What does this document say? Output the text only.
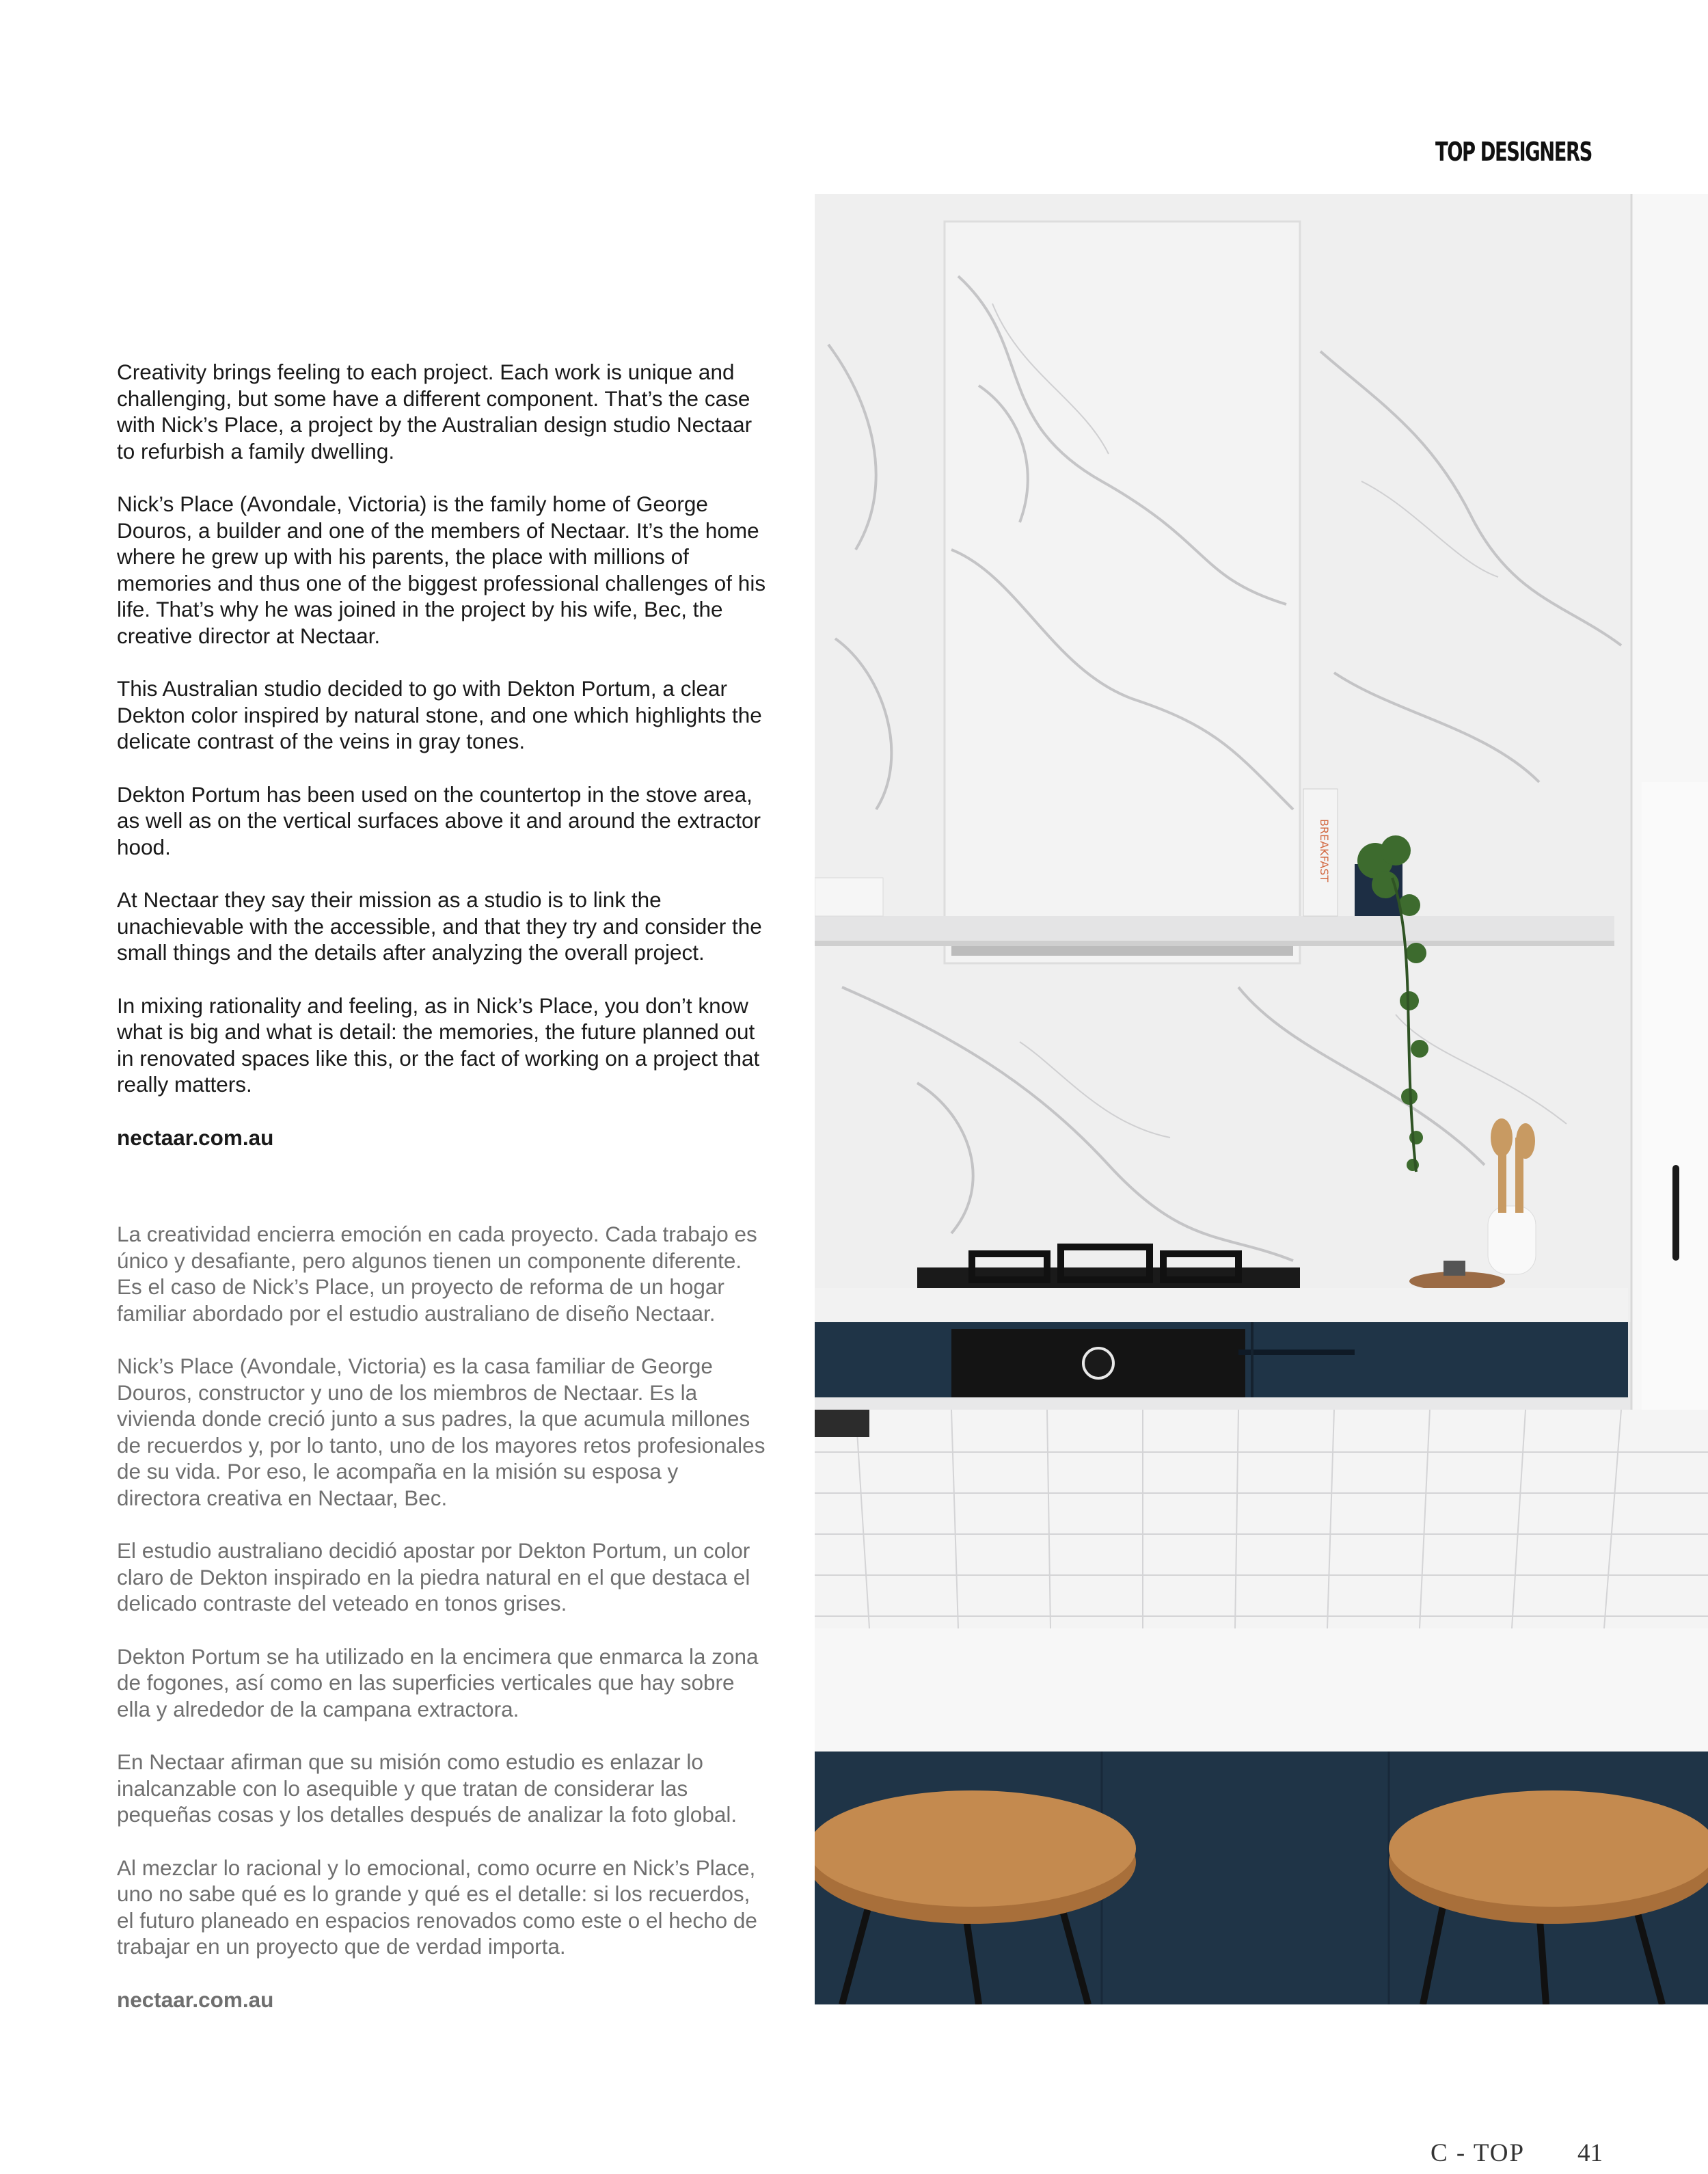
TOP DESIGNERS

Creativity brings feeling to each project. Each work is unique and challenging, but some have a different component. That’s the case with Nick’s Place, a project by the Australian design studio Nectaar to refurbish a family dwelling.

Nick’s Place (Avondale, Victoria) is the family home of George Douros, a builder and one of the members of Nectaar. It’s the home where he grew up with his parents, the place with millions of memories and thus one of the biggest professional challenges of his life. That’s why he was joined in the project by his wife, Bec, the creative director at Nectaar.

This Australian studio decided to go with Dekton Portum, a clear Dekton color inspired by natural stone, and one which highlights the delicate contrast of the veins in gray tones.

Dekton Portum has been used on the countertop in the stove area, as well as on the vertical surfaces above it and around the extractor hood.

At Nectaar they say their mission as a studio is to link the unachievable with the accessible, and that they try and consider the small things and the details after analyzing the overall project.

In mixing rationality and feeling, as in Nick’s Place, you don’t know what is big and what is detail: the memories, the future planned out in renovated spaces like this, or the fact of working on a project that really matters.

nectaar.com.au

La creatividad encierra emoción en cada proyecto. Cada trabajo es único y desafiante, pero algunos tienen un componente diferente. Es el caso de Nick’s Place, un proyecto de reforma de un hogar familiar abordado por el estudio australiano de diseño Nectaar.

Nick’s Place (Avondale, Victoria) es la casa familiar de George Douros, constructor y uno de los miembros de Nectaar. Es la vivienda donde creció junto a sus padres, la que acumula millones de recuerdos y, por lo tanto, uno de los mayores retos profesionales de su vida. Por eso, le acompaña en la misión su esposa y directora creativa en Nectaar, Bec.

El estudio australiano decidió apostar por Dekton Portum, un color claro de Dekton inspirado en la piedra natural en el que destaca el delicado contraste del veteado en tonos grises.

Dekton Portum se ha utilizado en la encimera que enmarca la zona de fogones, así como en las superficies verticales que hay sobre ella y alrededor de la campana extractora.

En Nectaar afirman que su misión como estudio es enlazar lo inalcanzable con lo asequible y que tratan de considerar las pequeñas cosas y los detalles después de analizar la foto global.

Al mezclar lo racional y lo emocional, como ocurre en Nick’s Place, uno no sabe qué es lo grande y qué es el detalle: si los recuerdos, el futuro planeado en espacios renovados como este o el hecho de trabajar en un proyecto que de verdad importa.

nectaar.com.au

BREAKFAST
C - TOP 41
